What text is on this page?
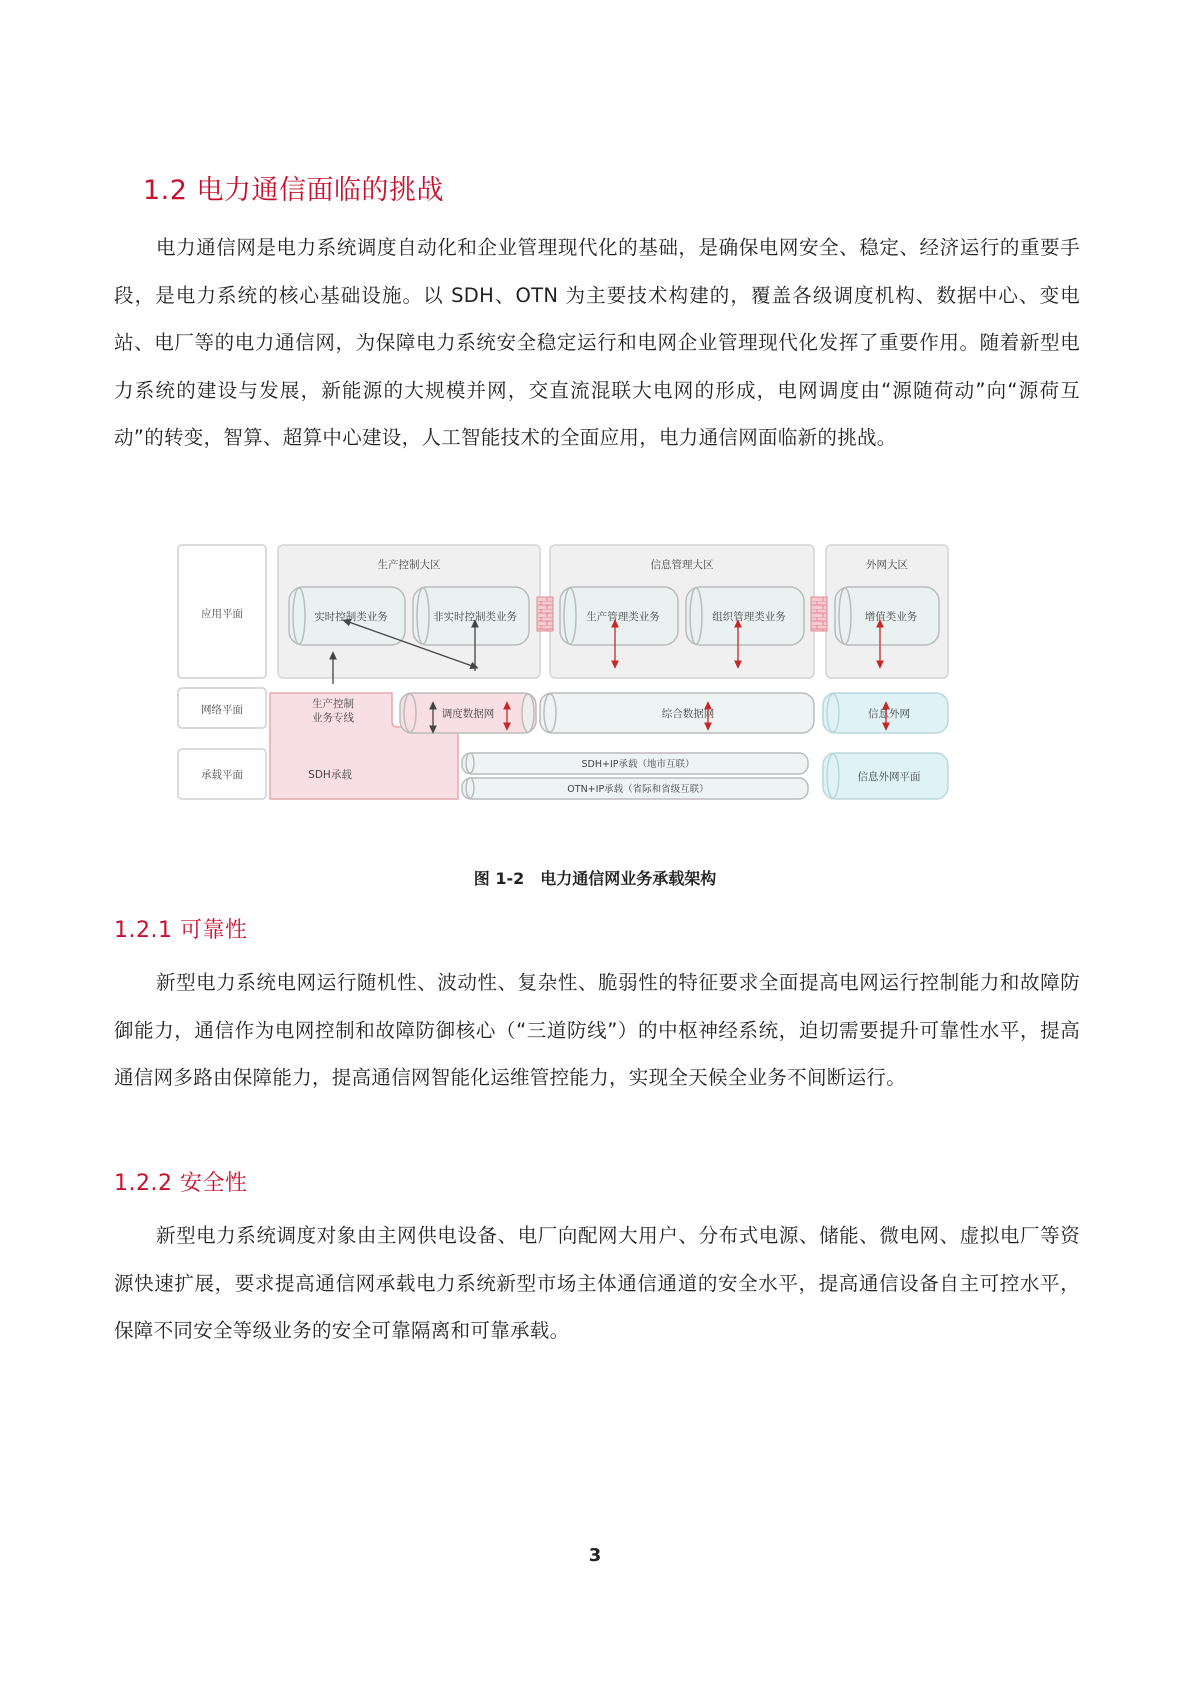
1.2 电力通信面临的挑战

电力通信网是电力系统调度自动化和企业管理现代化的基础，是确保电网安全、稳定、经济运行的重要手段，是电力系统的核心基础设施。以 SDH、OTN 为主要技术构建的，覆盖各级调度机构、数据中心、变电站、电厂等的电力通信网，为保障电力系统安全稳定运行和电网企业管理现代化发挥了重要作用。随着新型电力系统的建设与发展，新能源的大规模并网，交直流混联大电网的形成，电网调度由“源随荷动”向“源荷互动”的转变，智算、超算中心建设，人工智能技术的全面应用，电力通信网面临新的挑战。

应用平面
网络平面
承载平面
生产控制大区	信息管理大区	外网大区
实时控制类业务	非实时控制类业务	生产管理类业务	组织管理类业务	增值类业务
生产控制
业务专线
SDH承载
调度数据网	综合数据网	信息外网
SDH+IP承载（地市互联）
OTN+IP承载（省际和省级互联）
信息外网平面
图 1-2　电力通信网业务承载架构
1.2.1 可靠性

新型电力系统电网运行随机性、波动性、复杂性、脆弱性的特征要求全面提高电网运行控制能力和故障防御能力，通信作为电网控制和故障防御核心（“三道防线”）的中枢神经系统，迫切需要提升可靠性水平，提高通信网多路由保障能力，提高通信网智能化运维管控能力，实现全天候全业务不间断运行。

1.2.2 安全性

新型电力系统调度对象由主网供电设备、电厂向配网大用户、分布式电源、储能、微电网、虚拟电厂等资源快速扩展，要求提高通信网承载电力系统新型市场主体通信通道的安全水平，提高通信设备自主可控水平，保障不同安全等级业务的安全可靠隔离和可靠承载。

3
